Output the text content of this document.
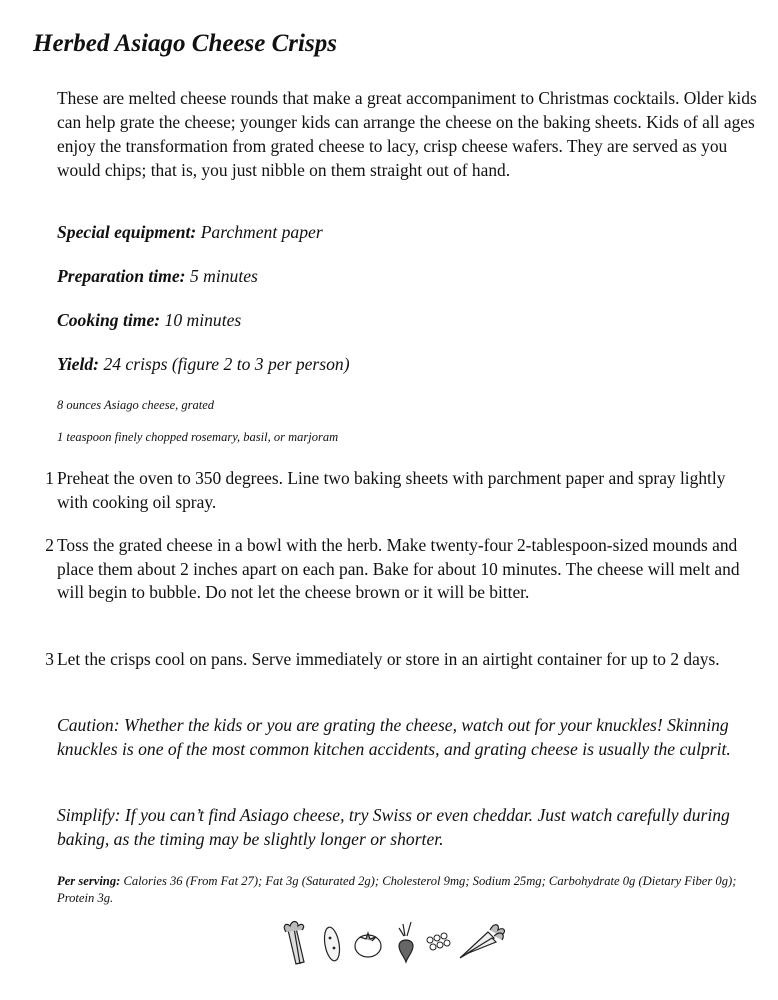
Herbed Asiago Cheese Crisps

These are melted cheese rounds that make a great accompaniment to Christmas cocktails. Older kids can help grate the cheese; younger kids can arrange the cheese on the baking sheets. Kids of all ages enjoy the transformation from grated cheese to lacy, crisp cheese wafers. They are served as you would chips; that is, you just nibble on them straight out of hand.

Special equipment: Parchment paper

Preparation time: 5 minutes

Cooking time: 10 minutes

Yield: 24 crisps (figure 2 to 3 per person)

8 ounces Asiago cheese, grated

1 teaspoon finely chopped rosemary, basil, or marjoram

1 Preheat the oven to 350 degrees. Line two baking sheets with parchment paper and spray lightly with cooking oil spray.

2 Toss the grated cheese in a bowl with the herb. Make twenty-four 2-tablespoon-sized mounds and place them about 2 inches apart on each pan. Bake for about 10 minutes. The cheese will melt and will begin to bubble. Do not let the cheese brown or it will be bitter.

3 Let the crisps cool on pans. Serve immediately or store in an airtight container for up to 2 days.

Caution: Whether the kids or you are grating the cheese, watch out for your knuckles! Skinning knuckles is one of the most common kitchen accidents, and grating cheese is usually the culprit.

Simplify: If you can’t find Asiago cheese, try Swiss or even cheddar. Just watch carefully during baking, as the timing may be slightly longer or shorter.

Per serving: Calories 36 (From Fat 27); Fat 3g (Saturated 2g); Cholesterol 9mg; Sodium 25mg; Carbohydrate 0g (Dietary Fiber 0g); Protein 3g.
